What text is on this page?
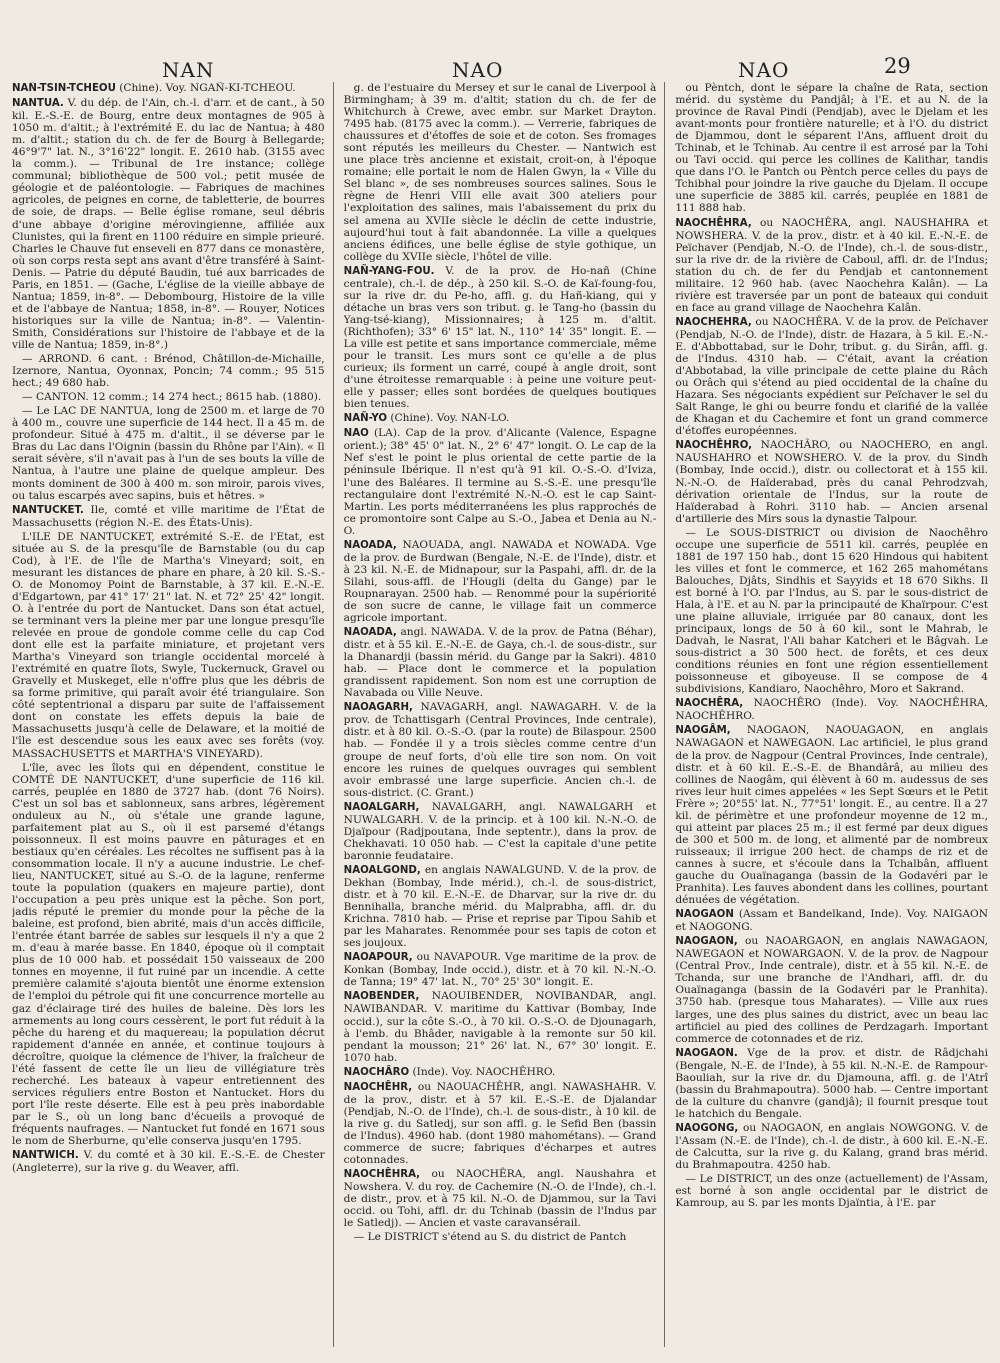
NAN	NAO	NAO	29

NAÑ-TSIN-TCHEOU (Chine). Voy. NGAÑ-KI-TCHEOU.

NANTUA. V. du dép. de l'Ain, ch.-l. d'arr. et de cant., à 50 kil. E.-S.-E. de Bourg, entre deux montagnes de 905 à 1050 m. d'altit.; à l'extrémité E. du lac de Nantua; à 480 m. d'altit.; station du ch. de fer de Bourg à Bellegarde; 46°9'7" lat. N., 3°16'22" longit. E. 2610 hab. (3155 avec la comm.). — Tribunal de 1re instance; collège communal; bibliothèque de 500 vol.; petit musée de géologie et de paléontologie. — Fabriques de machines agricoles, de peignes en corne, de tabletterie, de bourres de soie, de draps. — Belle église romane, seul débris d'une abbaye d'origine mérovingienne, affiliée aux Clunistes, qui la firent en 1100 réduire en simple prieuré. Charles le Chauve fut enseveli en 877 dans ce monastère, où son corps resta sept ans avant d'être transféré à Saint-Denis. — Patrie du député Baudin, tué aux barricades de Paris, en 1851. — (Gache, L'église de la vieille abbaye de Nantua; 1859, in-8°. — Debombourg, Histoire de la ville et de l'abbaye de Nantua; 1858, in-8°. — Rouyer, Notices historiques sur la ville de Nantua; in-8°. — Valentin-Smith, Considérations sur l'histoire de l'abbaye et de la ville de Nantua; 1859, in-8°.)

— ARROND. 6 cant. : Brénod, Châtillon-de-Michaille, Izernore, Nantua, Oyonnax, Poncin; 74 comm.; 95 515 hect.; 49 680 hab.

— CANTON. 12 comm.; 14 274 hect.; 8615 hab. (1880).

— Le LAC DE NANTUA, long de 2500 m. et large de 70 à 400 m., couvre une superficie de 144 hect. Il a 45 m. de profondeur. Situé à 475 m. d'altit., il se déverse par le Bras du Lac dans l'Oignin (bassin du Rhône par l'Ain). « Il serait sévère, s'il n'avait pas à l'un de ses bouts la ville de Nantua, à l'autre une plaine de quelque ampleur. Des monts dominent de 300 à 400 m. son miroir, parois vives, ou talus escarpés avec sapins, buis et hêtres. »

NANTUCKET. Ile, comté et ville maritime de l'État de Massachusetts (région N.-E. des États-Unis).

L'ILE DE NANTUCKET, extrémité S.-E. de l'Etat, est située au S. de la presqu'île de Barnstable (ou du cap Cod), à l'E. de l'île de Martha's Vineyard; soit, en mesurant les distances de phare en phare, à 20 kil. S.-S.-O. de Monomoy Point de Barnstable, à 37 kil. E.-N.-E. d'Edgartown, par 41° 17' 21" lat. N. et 72° 25' 42" longit. O. à l'entrée du port de Nantucket. Dans son état actuel, se terminant vers la pleine mer par une longue presqu'île relevée en proue de gondole comme celle du cap Cod dont elle est la parfaite miniature, et projetant vers Martha's Vineyard son triangle occidental morcelé à l'extrémité en quatre îlots, Swyle, Tuckernuck, Gravel ou Gravelly et Muskeget, elle n'offre plus que les débris de sa forme primitive, qui paraît avoir été triangulaire. Son côté septentrional a disparu par suite de l'affaissement dont on constate les effets depuis la baie de Massachusetts jusqu'à celle de Delaware, et la moitié de l'île est descendue sous les eaux avec ses forêts (voy. MASSACHUSETTS et MARTHA'S VINEYARD).

L'île, avec les îlots qui en dépendent, constitue le COMTÉ DE NANTUCKET, d'une superficie de 116 kil. carrés, peuplée en 1880 de 3727 hab. (dont 76 Noirs). C'est un sol bas et sablonneux, sans arbres, légèrement onduleux au N., où s'étale une grande lagune, parfaitement plat au S., où il est parsemé d'étangs poissonneux. Il est moins pauvre en pâturages et en bestiaux qu'en céréales. Les récoltes ne suffisent pas à la consommation locale. Il n'y a aucune industrie. Le chef-lieu, NANTUCKET, situé au S.-O. de la lagune, renferme toute la population (quakers en majeure partie), dont l'occupation a peu près unique est la pêche. Son port, jadis réputé le premier du monde pour la pêche de la baleine, est profond, bien abrité, mais d'un accès difficile, l'entrée étant barrée de sables sur lesquels il n'y a que 2 m. d'eau à marée basse. En 1840, époque où il comptait plus de 10 000 hab. et possédait 150 vaisseaux de 200 tonnes en moyenne, il fut ruiné par un incendie. A cette première calamité s'ajouta bientôt une énorme extension de l'emploi du pétrole qui fit une concurrence mortelle au gaz d'éclairage tiré des huiles de baleine. Dès lors les armements au long cours cessèrent, le port fut réduit à la pêche du hareng et du maquereau; la population décrut rapidement d'année en année, et continue toujours à décroître, quoique la clémence de l'hiver, la fraîcheur de l'été fassent de cette île un lieu de villégiature très recherché. Les bateaux à vapeur entretiennent des services réguliers entre Boston et Nantucket. Hors du port l'île reste déserte. Elle est à peu près inabordable par le S., où un long banc d'écueils a provoqué de fréquents naufrages. — Nantucket fut fondé en 1671 sous le nom de Sherburne, qu'elle conserva jusqu'en 1795.

NANTWICH. V. du comté et à 30 kil. E.-S.-E. de Chester (Angleterre), sur la rive g. du Weaver, affl.

g. de l'estuaire du Mersey et sur le canal de Liverpool à Birmingham; à 39 m. d'altit; station du ch. de fer de Whitchurch à Crewe, avec embr. sur Market Drayton. 7495 hab. (8175 avec la comm.). — Verrerie, fabriques de chaussures et d'étoffes de soie et de coton. Ses fromages sont réputés les meilleurs du Chester. — Nantwich est une place très ancienne et existait, croit-on, à l'époque romaine; elle portait le nom de Halen Gwyn, la « Ville du Sel blanc », de ses nombreuses sources salines. Sous le règne de Henri VIII elle avait 300 ateliers pour l'exploitation des salines, mais l'abaissement du prix du sel amena au XVIIe siècle le déclin de cette industrie, aujourd'hui tout à fait abandonnée. La ville a quelques anciens édifices, une belle église de style gothique, un collège du XVIIe siècle, l'hôtel de ville.

NAÑ-YANG-FOU. V. de la prov. de Ho-nañ (Chine centrale), ch.-l. de dép., à 250 kil. S.-O. de Kaï-foung-fou, sur la rive dr. du Pe-ho, affl. g. du Hañ-kiang, qui y détache un bras vers son tribut. g. le Tang-ho (bassin du Yang-tsé-kiang), Missionnaires; à 125 m. d'altit. (Richthofen); 33° 6' 15" lat. N., 110° 14' 35" longit. E. — La ville est petite et sans importance commerciale, même pour le transit. Les murs sont ce qu'elle a de plus curieux; ils forment un carré, coupé à angle droit, sont d'une étroitesse remarquable : à peine une voiture peut-elle y passer; elles sont bordées de quelques boutiques bien tenues.

NAÑ-YO (Chine). Voy. NAN-LO.

NAO (LA). Cap de la prov. d'Alicante (Valence, Espagne orient.); 38° 45' 0" lat. N., 2° 6' 47" longit. O. Le cap de la Nef s'est le point le plus oriental de cette partie de la péninsule Ibérique. Il n'est qu'à 91 kil. O.-S.-O. d'Iviza, l'une des Baléares. Il termine au S.-S.-E. une presqu'île rectangulaire dont l'extrémité N.-N.-O. est le cap Saint-Martin. Les ports méditerranéens les plus rapprochés de ce promontoire sont Calpe au S.-O., Jabea et Denia au N.-O.

NAOADA, NAOUADA, angl. NAWADA et NOWADA. Vge de la prov. de Burdwan (Bengale, N.-E. de l'Inde), distr. et à 23 kil. N.-E. de Midnapour, sur la Paspahi, affl. dr. de la Silahi, sous-affl. de l'Hougli (delta du Gange) par le Roupnarayan. 2500 hab. — Renommé pour la supériorité de son sucre de canne, le village fait un commerce agricole important.

NAOADA, angl. NAWADA. V. de la prov. de Patna (Béhar), distr. et à 55 kil. E.-N.-E. de Gaya, ch.-l. de sous-distr., sur la Dhanardji (bassin mérid. du Gange par la Sakri). 4810 hab. — Place dont le commerce et la population grandissent rapidement. Son nom est une corruption de Navabada ou Ville Neuve.

NAOAGARH, NAVAGARH, angl. NAWAGARH. V. de la prov. de Tchattisgarh (Central Provinces, Inde centrale), distr. et à 80 kil. O.-S.-O. (par la route) de Bilaspour. 2500 hab. — Fondée il y a trois siècles comme centre d'un groupe de neuf forts, d'où elle tire son nom. On voit encore les ruines de quelques ouvrages qui semblent avoir embrassé une large superficie. Ancien ch.-l. de sous-district. (C. Grant.)

NAOALGARH, NAVALGARH, angl. NAWALGARH et NUWALGARH. V. de la princip. et à 100 kil. N.-N.-O. de Djaïpour (Radjpoutana, Inde septentr.), dans la prov. de Chekhavati. 10 050 hab. — C'est la capitale d'une petite baronnie feudataire.

NAOALGOND, en anglais NAWALGUND. V. de la prov. de Dekhan (Bombay, Inde mérid.), ch.-l. de sous-district, distr. et à 70 kil. E.-N.-E. de Dharvar, sur la rive dr. du Bennihalla, branche mérid. du Malprabha, affl. dr. du Krichna. 7810 hab. — Prise et reprise par Tipou Sahib et par les Maharates. Renommée pour ses tapis de coton et ses joujoux.

NAOAPOUR, ou NAVAPOUR. Vge maritime de la prov. de Konkan (Bombay, Inde occid.), distr. et à 70 kil. N.-N.-O. de Tanna; 19° 47' lat. N., 70° 25' 30" longit. E.

NAOBENDER, NAOUIBENDER, NOVIBANDAR, angl. NAWIBANDAR. V. maritime du Kattivar (Bombay, Inde occid.), sur la côte S.-O., à 70 kil. O.-S.-O. de Djounagarh, à l'emb. du Bhâder, navigable à la remonte sur 50 kil. pendant la mousson; 21° 26' lat. N., 67° 30' longit. E. 1070 hab.

NAOCHÂRO (Inde). Voy. NAOCHÊHRO.

NAOCHÊHR, ou NAOUACHÊHR, angl. NAWASHAHR. V. de la prov., distr. et à 57 kil. E.-S.-E. de Djalandar (Pendjab, N.-O. de l'Inde), ch.-l. de sous-distr., à 10 kil. de la rive g. du Satledj, sur son affl. g. le Sefid Ben (bassin de l'Indus). 4960 hab. (dont 1980 mahométans). — Grand commerce de sucre; fabriques d'écharpes et autres cotonnades.

NAOCHÊHRA, ou NAOCHÊRA, angl. Naushahra et Nowshera. V. du roy. de Cachemire (N.-O. de l'Inde), ch.-l. de distr., prov. et à 75 kil. N.-O. de Djammou, sur la Tavi occid. ou Tohi, affl. dr. du Tchinab (bassin de l'Indus par le Satledj). — Ancien et vaste caravansérail.

— Le DISTRICT s'étend au S. du district de Pantch

ou Pèntch, dont le sépare la chaîne de Rata, section mérid. du système du Pandjâl; à l'E. et au N. de la province de Raval Pindi (Pendjab), avec le Djelam et les avant-monts pour frontière naturelle; et à l'O. du district de Djammou, dont le séparent l'Ans, affluent droit du Tchinab, et le Tchinab. Au centre il est arrosé par la Tohi ou Tavi occid. qui perce les collines de Kalithar, tandis que dans l'O. le Pantch ou Pèntch perce celles du pays de Tchibhal pour joindre la rive gauche du Djelam. Il occupe une superficie de 3885 kil. carrés, peuplée en 1881 de 111 888 hab.

NAOCHÊHRA, ou NAOCHÊRA, angl. NAUSHAHRA et NOWSHERA. V. de la prov., distr. et à 40 kil. E.-N.-E. de Peïchaver (Pendjab, N.-O. de l'Inde), ch.-l. de sous-distr., sur la rive dr. de la rivière de Caboul, affl. dr. de l'Indus; station du ch. de fer du Pendjab et cantonnement militaire. 12 960 hab. (avec Naochehra Kalân). — La rivière est traversée par un pont de bateaux qui conduit en face au grand village de Naochehra Kalân.

NAOCHEHRA, ou NAOCHÊRA. V. de la prov. de Peïchaver (Pendjab, N.-O. de l'Inde), distr. de Hazara, à 5 kil. E.-N.-E. d'Abbottabad, sur le Dohr, tribut. g. du Sirân, affl. g. de l'Indus. 4310 hab. — C'était, avant la création d'Abbotabad, la ville principale de cette plaine du Râch ou Orâch qui s'étend au pied occidental de la chaîne du Hazara. Ses négociants expédient sur Peïchaver le sel du Salt Range, le ghi ou beurre fondu et clarifié de la vallée de Khagan et du Cachemire et font un grand commerce d'étoffes européennes.

NAOCHÊHRO, NAOCHÂRO, ou NAOCHERO, en angl. NAUSHAHRO et NOWSHERO. V. de la prov. du Sindh (Bombay, Inde occid.), distr. ou collectorat et à 155 kil. N.-N.-O. de Haïderabad, près du canal Pehrodzvah, dérivation orientale de l'Indus, sur la route de Haïderabad à Rohri. 3110 hab. — Ancien arsenal d'artillerie des Mirs sous la dynastie Talpour.

— Le SOUS-DISTRICT ou division de Naochêhro occupe une superficie de 5511 kil. carrés, peuplée en 1881 de 197 150 hab., dont 15 620 Hindous qui habitent les villes et font le commerce, et 162 265 mahométans Balouches, Djâts, Sindhis et Sayyids et 18 670 Sikhs. Il est borné à l'O. par l'Indus, au S. par le sous-district de Hala, à l'E. et au N. par la principauté de Khaïrpour. C'est une plaine alluviale, irriguée par 80 canaux, dont les principaux, longs de 50 à 60 kil., sont le Mahrab, le Dadvah, le Nasrat, l'Ali bahar Katcheri et le Bâgvah. Le sous-district a 30 500 hect. de forêts, et ces deux conditions réunies en font une région essentiellement poissonneuse et giboyeuse. Il se compose de 4 subdivisions, Kandiaro, Naochêhro, Moro et Sakrand.

NAOCHÊRA, NAOCHÊRO (Inde). Voy. NAOCHÊHRA, NAOCHÊHRO.

NAOGÂM, NAOGAON, NAOUAGAON, en anglais NAWAGAON et NAWEGAON. Lac artificiel, le plus grand de la prov. de Nagpour (Central Provinces, Inde centrale), distr. et à 60 kil. E.-S.-E. de Bhandârâ, au milieu des collines de Naogâm, qui élèvent à 60 m. audessus de ses rives leur huit cimes appelées « les Sept Sœurs et le Petit Frère »; 20°55' lat. N., 77°51' longit. E., au centre. Il a 27 kil. de périmètre et une profondeur moyenne de 12 m., qui atteint par places 25 m.; il est fermé par deux digues de 300 et 500 m. de long, et alimenté par de nombreux ruisseaux; il irrigue 200 hect. de champs de riz et de cannes à sucre, et s'écoule dans la Tchalbân, affluent gauche du Ouaïnaganga (bassin de la Godavéri par le Pranhita). Les fauves abondent dans les collines, pourtant dénuées de végétation.

NAOGAON (Assam et Bandelkand, Inde). Voy. NAIGAON et NAOGONG.

NAOGAON, ou NAOARGAON, en anglais NAWAGAON, NAWEGAON et NOWARGAON. V. de la prov. de Nagpour (Central Prov., Inde centrale), distr. et à 55 kil. N.-E. de Tchanda, sur une branche de l'Andhari, affl. dr. du Ouaïnaganga (bassin de la Godavéri par le Pranhita). 3750 hab. (presque tous Maharates). — Ville aux rues larges, une des plus saines du district, avec un beau lac artificiel au pied des collines de Perdzagarh. Important commerce de cotonnades et de riz.

NAOGAON. Vge de la prov. et distr. de Râdjchahi (Bengale, N.-E. de l'Inde), à 55 kil. N.-N.-E. de Rampour-Baouliah, sur la rive dr. du Djamouna, affl. g. de l'Atrî (bassin du Brahmapoutra). 5000 hab. — Centre important de la culture du chanvre (gandjâ); il fournit presque tout le hatchich du Bengale.

NAOGONG, ou NAOGAON, en anglais NOWGONG. V. de l'Assam (N.-E. de l'Inde), ch.-l. de distr., à 600 kil. E.-N.-E. de Calcutta, sur la rive g. du Kalang, grand bras mérid. du Brahmapoutra. 4250 hab.

— Le DISTRICT, un des onze (actuellement) de l'Assam, est borné à son angle occidental par le district de Kamroup, au S. par les monts Djaïntia, à l'E. par
